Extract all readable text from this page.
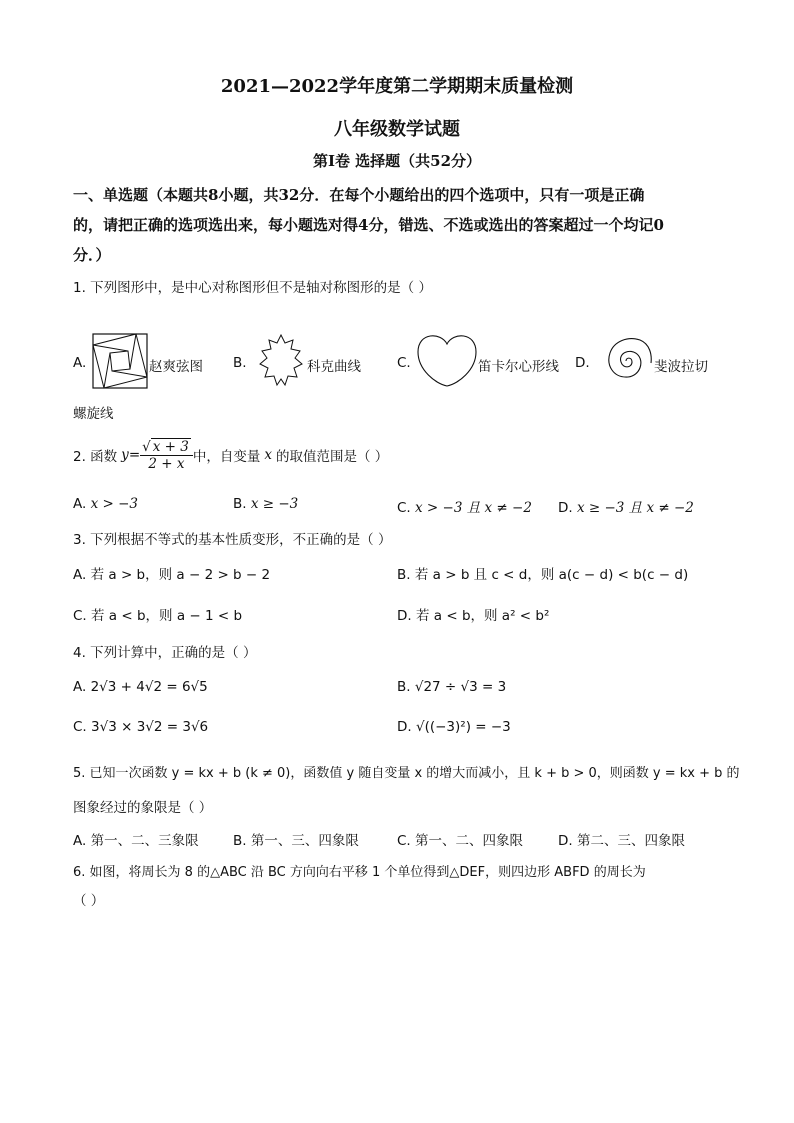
2021—2022学年度第二学期期末质量检测
八年级数学试题
第Ⅰ卷 选择题（共52分）
一、单选题（本题共8小题，共32分．在每个小题给出的四个选项中，只有一项是正确
的，请把正确的选项选出来，每小题选对得4分，错选、不选或选出的答案超过一个均记0
分．）
1. 下列图形中，是中心对称图形但不是轴对称图形的是（ ）
A.	赵爽弦图 B.	科克曲线	C.	笛卡尔心形线 D.	斐波拉切
螺旋线
2. 函数 $y = \frac{√ x + 3}{2 + x}$ 中，自变量 x 的取值范围是（ ）
A. x > −3	B. x ≥ −3	C. x > −3 且 x ≠ −2 D. x ≥ −3 且 x ≠ −2
3. 下列根据不等式的基本性质变形，不正确的是（ ）
A. 若 a > b，则 a − 2 > b − 2	B. 若 a > b 且 c < d，则 a(c − d) < b(c − d)
C. 若 a < b，则 a − 1 < b	D. 若 a < b，则 a² < b²
4. 下列计算中，正确的是（ ）
A. 2√3 + 4√2 = 6√5	B. √27 ÷ √3 = 3
C. 3√3 × 3√2 = 3√6	D. √((−3)²) = −3
5. 已知一次函数 y = kx + b (k ≠ 0)，函数值 y 随自变量 x 的增大而减小，且 k + b > 0，则函数 y = kx + b 的
图象经过的象限是（ ）
A. 第一、二、三象限	B. 第一、三、四象限	C. 第一、二、四象限	D. 第二、三、四象限
6. 如图，将周长为 8 的△ABC 沿 BC 方向向右平移 1 个单位得到△DEF，则四边形 ABFD 的周长为
（ ）
